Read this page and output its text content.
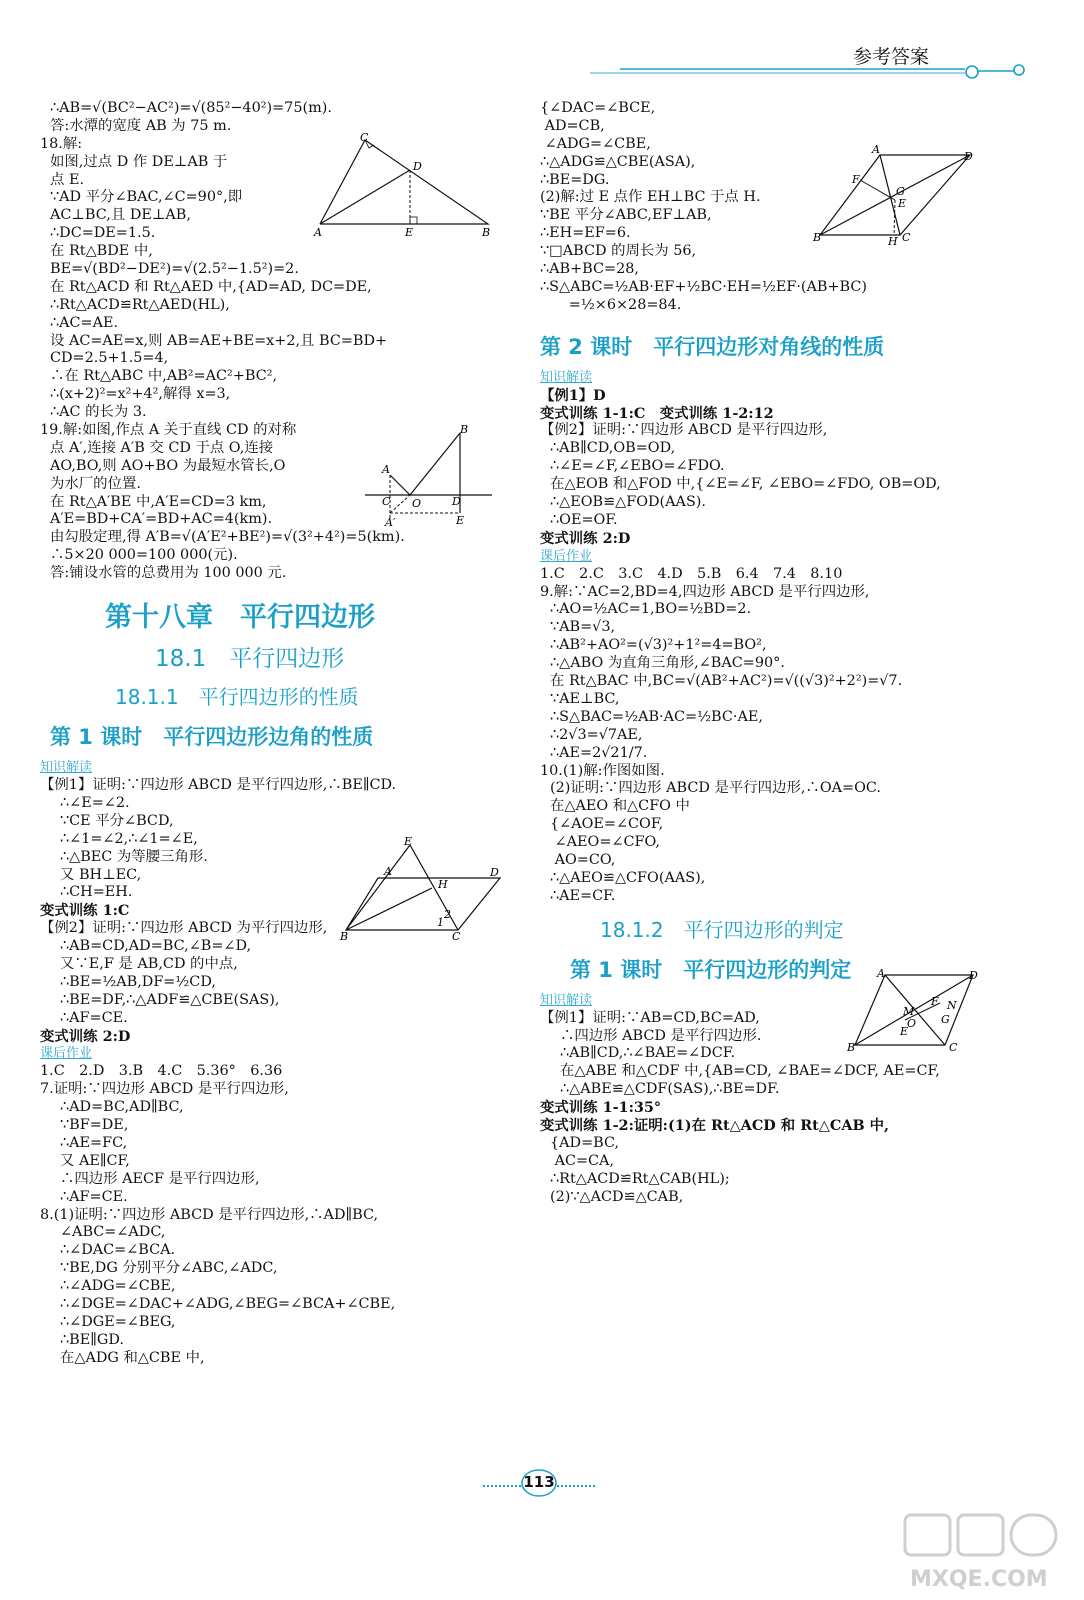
参考答案
∴AB=√(BC²−AC²)=√(85²−40²)=75(m).
答:水潭的宽度 AB 为 75 m.
18.解:
如图,过点 D 作 DE⊥AB 于
点 E.
∵AD 平分∠BAC,∠C=90°,即
AC⊥BC,且 DE⊥AB,
∴DC=DE=1.5.
在 Rt△BDE 中,
BE=√(BD²−DE²)=√(2.5²−1.5²)=2.
在 Rt△ACD 和 Rt△AED 中,{AD=AD, DC=DE,
∴Rt△ACD≌Rt△AED(HL),
∴AC=AE.
设 AC=AE=x,则 AB=AE+BE=x+2,且 BC=BD+
CD=2.5+1.5=4,
∴在 Rt△ABC 中,AB²=AC²+BC²,
∴(x+2)²=x²+4²,解得 x=3,
∴AC 的长为 3.
19.解:如图,作点 A 关于直线 CD 的对称
点 A′,连接 A′B 交 CD 于点 O,连接
AO,BO,则 AO+BO 为最短水管长,O
为水厂的位置.
在 Rt△A′BE 中,A′E=CD=3 km,
A′E=BD+CA′=BD+AC=4(km).
由勾股定理,得 A′B=√(A′E²+BE²)=√(3²+4²)=5(km).
∴5×20 000=100 000(元).
答:铺设水管的总费用为 100 000 元.
第十八章　平行四边形
18.1　平行四边形
18.1.1　平行四边形的性质
第 1 课时　平行四边形边角的性质
知识解读
【例1】证明:∵四边形 ABCD 是平行四边形,∴BE∥CD.
∴∠E=∠2.
∵CE 平分∠BCD,
∴∠1=∠2,∴∠1=∠E,
∴△BEC 为等腰三角形.
又 BH⊥EC,
∴CH=EH.
变式训练 1:C
【例2】证明:∵四边形 ABCD 为平行四边形,
∴AB=CD,AD=BC,∠B=∠D,
又∵E,F 是 AB,CD 的中点,
∴BE=½AB,DF=½CD,
∴BE=DF,∴△ADF≌△CBE(SAS),
∴AF=CE.
变式训练 2:D
课后作业
1.C　2.D　3.B　4.C　5.36°　6.36
7.证明:∵四边形 ABCD 是平行四边形,
∴AD=BC,AD∥BC,
∵BF=DE,
∴AE=FC,
又 AE∥CF,
∴四边形 AECF 是平行四边形,
∴AF=CE.
8.(1)证明:∵四边形 ABCD 是平行四边形,∴AD∥BC,
∠ABC=∠ADC,
∴∠DAC=∠BCA.
∵BE,DG 分别平分∠ABC,∠ADC,
∴∠ADG=∠CBE,
∴∠DGE=∠DAC+∠ADG,∠BEG=∠BCA+∠CBE,
∴∠DGE=∠BEG,
∴BE∥GD.
在△ADG 和△CBE 中,
{∠DAC=∠BCE,
AD=CB,
∠ADG=∠CBE,
∴△ADG≌△CBE(ASA),
∴BE=DG.
(2)解:过 E 点作 EH⊥BC 于点 H.
∵BE 平分∠ABC,EF⊥AB,
∴EH=EF=6.
∵□ABCD 的周长为 56,
∴AB+BC=28,
∴S△ABC=½AB·EF+½BC·EH=½EF·(AB+BC)
　　=½×6×28=84.
第 2 课时　平行四边形对角线的性质
知识解读
【例1】D
变式训练 1-1:C　变式训练 1-2:12
【例2】证明:∵四边形 ABCD 是平行四边形,
∴AB∥CD,OB=OD,
∴∠E=∠F,∠EBO=∠FDO.
在△EOB 和△FOD 中,{∠E=∠F, ∠EBO=∠FDO, OB=OD,
∴△EOB≌△FOD(AAS).
∴OE=OF.
变式训练 2:D
课后作业
1.C　2.C　3.C　4.D　5.B　6.4　7.4　8.10
9.解:∵AC=2,BD=4,四边形 ABCD 是平行四边形,
∴AO=½AC=1,BO=½BD=2.
∵AB=√3,
∴AB²+AO²=(√3)²+1²=4=BO²,
∴△ABO 为直角三角形,∠BAC=90°.
在 Rt△BAC 中,BC=√(AB²+AC²)=√((√3)²+2²)=√7.
∵AE⊥BC,
∴S△BAC=½AB·AC=½BC·AE,
∴2√3=√7AE,
∴AE=2√21/7.
10.(1)解:作图如图.
(2)证明:∵四边形 ABCD 是平行四边形,∴OA=OC.
在△AEO 和△CFO 中
{∠AOE=∠COF,
∠AEO=∠CFO,
AO=CO,
∴△AEO≌△CFO(AAS),
∴AE=CF.
18.1.2　平行四边形的判定
第 1 课时　平行四边形的判定
知识解读
【例1】证明:∵AB=CD,BC=AD,
∴四边形 ABCD 是平行四边形.
∴AB∥CD,∴∠BAE=∠DCF.
在△ABE 和△CDF 中,{AB=CD, ∠BAE=∠DCF, AE=CF,
∴△ABE≌△CDF(SAS),∴BE=DF.
变式训练 1-1:35°
变式训练 1-2:证明:(1)在 Rt△ACD 和 Rt△CAB 中,
{AD=BC,
AC=CA,
∴Rt△ACD≌Rt△CAB(HL);
(2)∵△ACD≌△CAB,
C
D
A	E	B
A
B
C O	D
A′	E
A
E
H
D
B	C
1
2
A
D
F
G
E
B	H C
A	D
B	C
M
F N
O
E
G
113
MXQE.COM
